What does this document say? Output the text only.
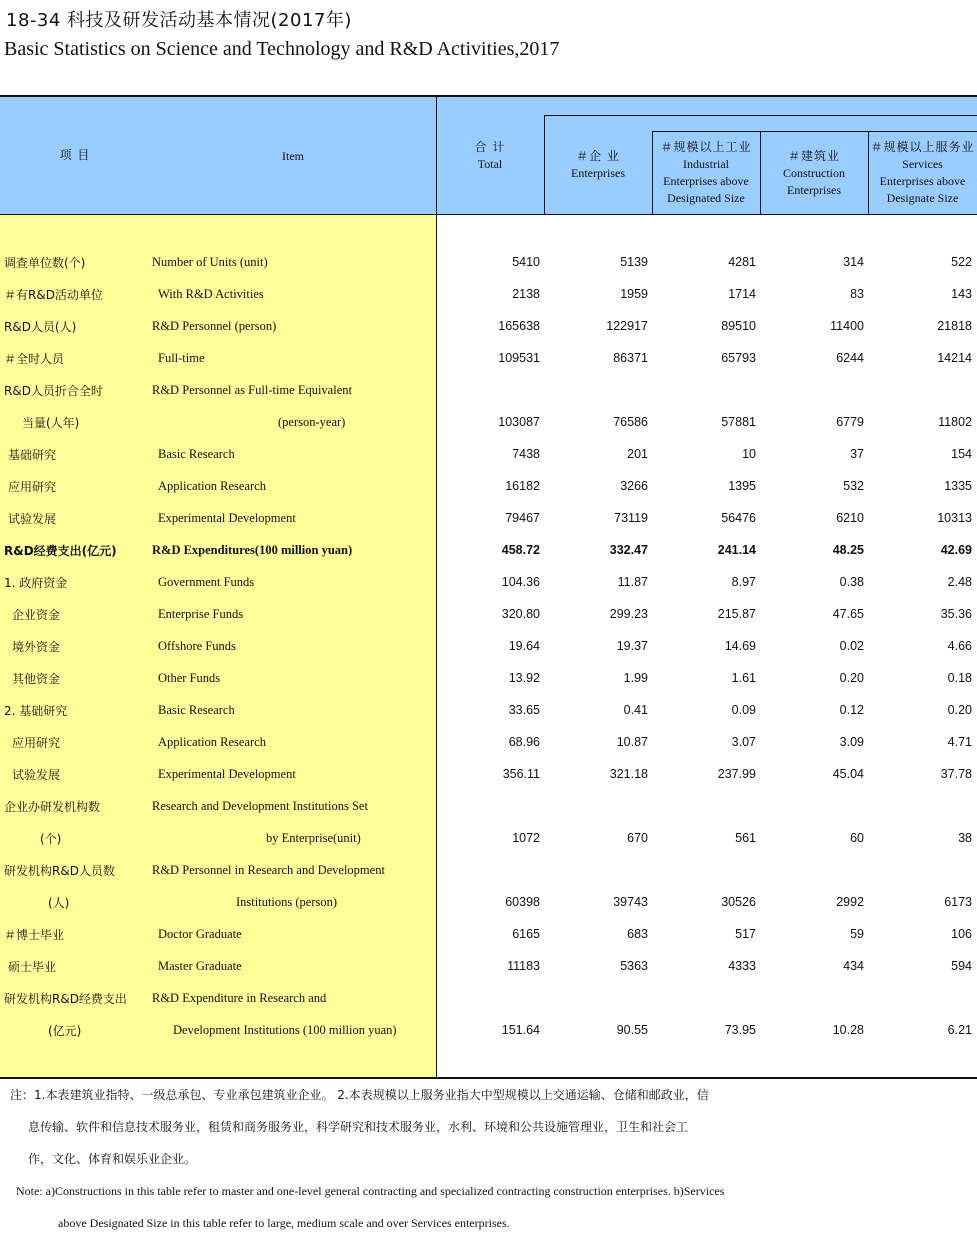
18-34 科技及研发活动基本情况(2017年)
Basic Statistics on Science and Technology and R&D Activities,2017
项 目	Item
合 计
Total
＃企 业
Enterprises
＃规模以上工业
Industrial
Enterprises above
Designated Size
＃建筑业
Construction
Enterprises
＃规模以上服务业
Services
Enterprises above
Designate Size
调查单位数(个)	Number of Units (unit)	5410	5139	4281	314	522
＃有R&D活动单位	With R&D Activities	2138	1959	1714	83	143
R&D人员(人)	R&D Personnel (person)	165638	122917	89510	11400	21818
＃全时人员	Full-time	109531	86371	65793	6244	14214
R&D人员折合全时	R&D Personnel as Full-time Equivalent
当量(人年)	(person-year)	103087	76586	57881	6779	11802
基础研究	Basic Research	7438	201	10	37	154
应用研究	Application Research	16182	3266	1395	532	1335
试验发展	Experimental Development	79467	73119	56476	6210	10313
R&D经费支出(亿元)	R&D Expenditures(100 million yuan)	458.72	332.47	241.14	48.25	42.69
1. 政府资金	Government Funds	104.36	11.87	8.97	0.38	2.48
企业资金	Enterprise Funds	320.80	299.23	215.87	47.65	35.36
境外资金	Offshore Funds	19.64	19.37	14.69	0.02	4.66
其他资金	Other Funds	13.92	1.99	1.61	0.20	0.18
2. 基础研究	Basic Research	33.65	0.41	0.09	0.12	0.20
应用研究	Application Research	68.96	10.87	3.07	3.09	4.71
试验发展	Experimental Development	356.11	321.18	237.99	45.04	37.78
企业办研发机构数	Research and Development Institutions Set
(个)	by Enterprise(unit)	1072	670	561	60	38
研发机构R&D人员数	R&D Personnel in Research and Development
(人)	Institutions (person)	60398	39743	30526	2992	6173
＃博士毕业	Doctor Graduate	6165	683	517	59	106
硕士毕业	Master Graduate	11183	5363	4333	434	594
研发机构R&D经费支出 R&D Expenditure in Research and
(亿元)	Development Institutions (100 million yuan)	151.64	90.55	73.95	10.28	6.21
注：1.本表建筑业指特、一级总承包、专业承包建筑业企业。 2.本表规模以上服务业指大中型规模以上交通运输、仓储和邮政业，信
息传输、软件和信息技术服务业，租赁和商务服务业，科学研究和技术服务业，水利、环境和公共设施管理业，卫生和社会工
作，文化、体育和娱乐业企业。
Note: a)Constructions in this table refer to master and one-level general contracting and specialized contracting construction enterprises. b)Services
above Designated Size in this table refer to large, medium scale and over Services enterprises.
